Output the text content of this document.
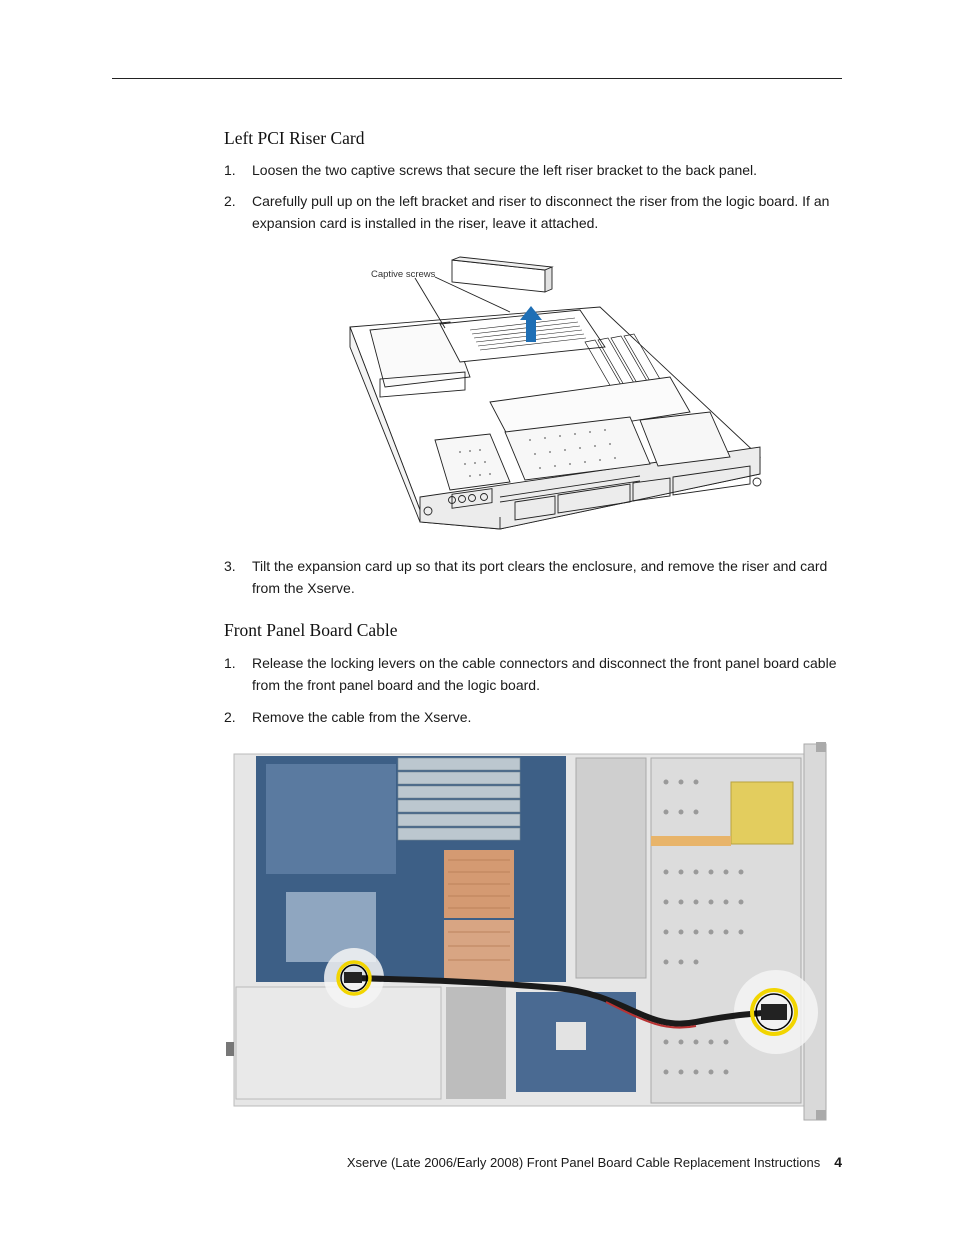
Left PCI Riser Card
1. Loosen the two captive screws that secure the left riser bracket to the back panel.
2. Carefully pull up on the left bracket and riser to disconnect the riser from the logic board. If an expansion card is installed in the riser, leave it attached.
Captive screws
3. Tilt the expansion card up so that its port clears the enclosure, and remove the riser and card from the Xserve.
Front Panel Board Cable
1. Release the locking levers on the cable connectors and disconnect the front panel board cable from the front panel board and the logic board.
2. Remove the cable from the Xserve.
Xserve (Late 2006/Early 2008) Front Panel Board Cable Replacement Instructions 4
